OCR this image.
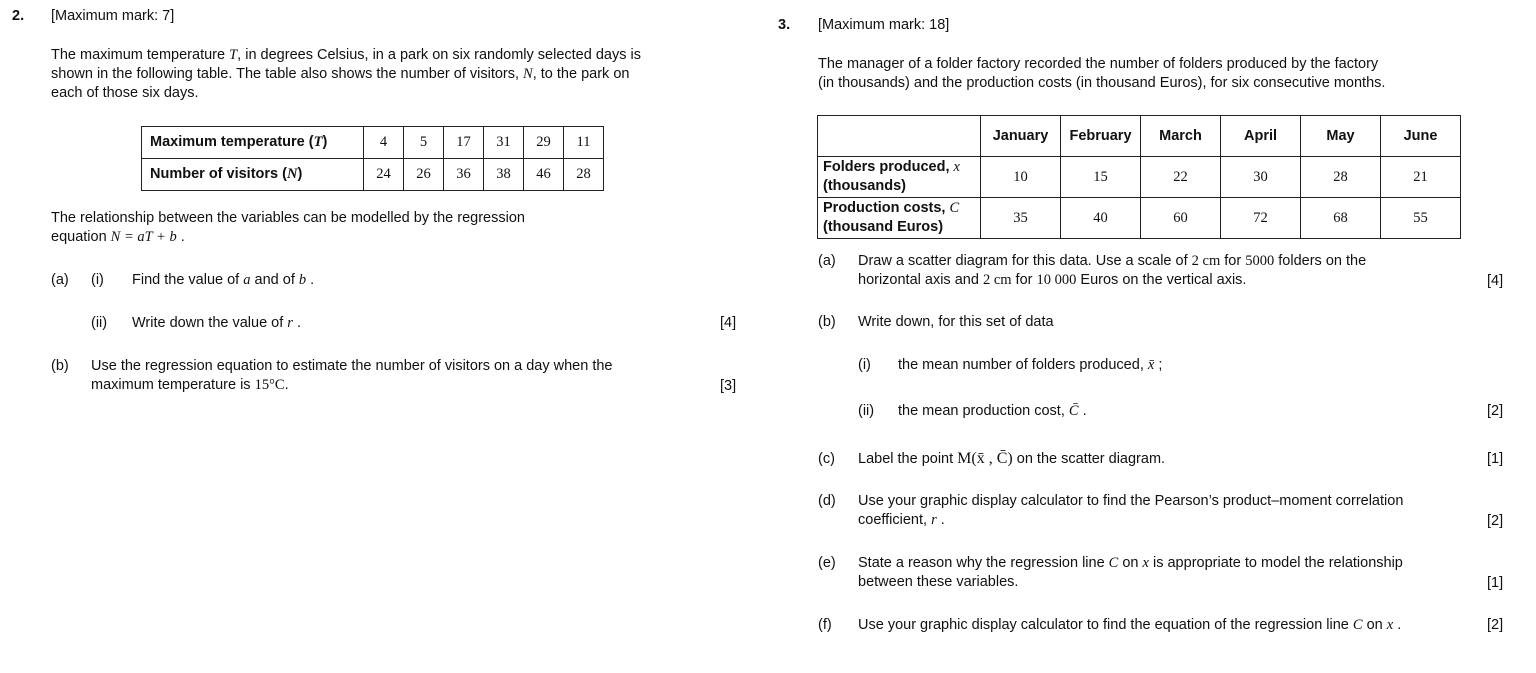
2. [Maximum mark: 7]
The maximum temperature T, in degrees Celsius, in a park on six randomly selected days is
shown in the following table. The table also shows the number of visitors, N, to the park on
each of those six days.
Maximum temperature (T)	4	5	17	31	29	11
Number of visitors (N)	24	26	36	38	46	28
The relationship between the variables can be modelled by the regression
equation N = aT + b .
(a) (i) Find the value of a and of b .
(ii) Write down the value of r .	[4]
(b) Use the regression equation to estimate the number of visitors on a day when the
maximum temperature is 15°C.	[3]
3. [Maximum mark: 18]
The manager of a folder factory recorded the number of folders produced by the factory
(in thousands) and the production costs (in thousand Euros), for six consecutive months.
	January	February	March	April	May	June
Folders produced, x
(thousands)	10	15	22	30	28	21
Production costs, C
(thousand Euros)	35	40	60	72	68	55
(a) Draw a scatter diagram for this data. Use a scale of 2 cm for 5000 folders on the
horizontal axis and 2 cm for 10 000 Euros on the vertical axis.	[4]
(b) Write down, for this set of data
(i) the mean number of folders produced, x̄ ;
(ii) the mean production cost, C̄ .	[2]
(c) Label the point M(x̄ , C̄) on the scatter diagram.	[1]
(d) Use your graphic display calculator to find the Pearson’s product–moment correlation
coefficient, r .	[2]
(e) State a reason why the regression line C on x is appropriate to model the relationship
between these variables.	[1]
(f) Use your graphic display calculator to find the equation of the regression line C on x .	[2]
